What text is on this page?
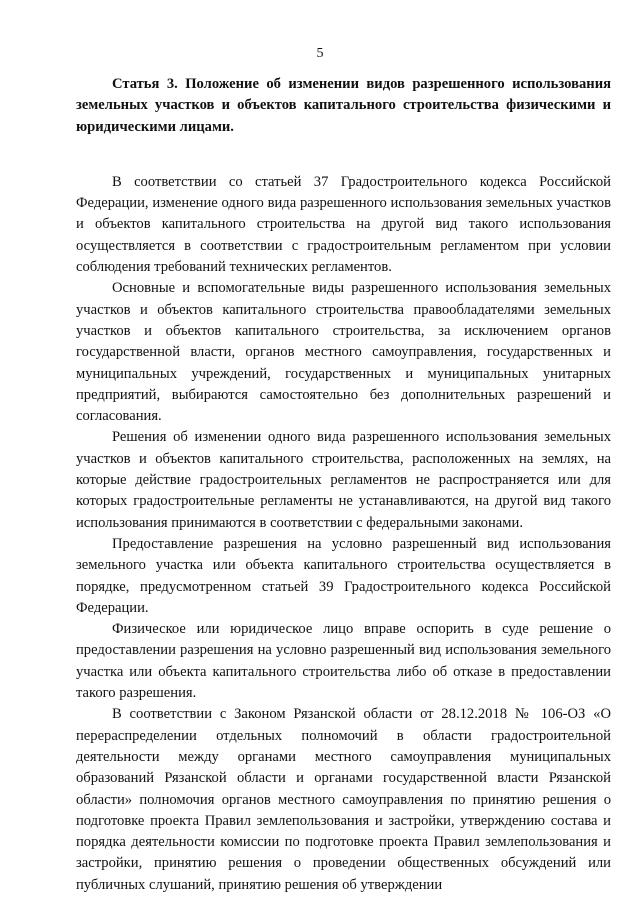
5

Статья 3. Положение об изменении видов разрешенного использования земельных участков и объектов капитального строительства физическими и юридическими лицами.

В соответствии со статьей 37 Градостроительного кодекса Российской Федерации, изменение одного вида разрешенного использования земельных участков и объектов капитального строительства на другой вид такого использования осуществляется в соответствии с градостроительным регламентом при условии соблюдения требований технических регламентов.

Основные и вспомогательные виды разрешенного использования земельных участков и объектов капитального строительства правообладателями земельных участков и объектов капитального строительства, за исключением органов государственной власти, органов местного самоуправления, государственных и муниципальных учреждений, государственных и муниципальных унитарных предприятий, выбираются самостоятельно без дополнительных разрешений и согласования.

Решения об изменении одного вида разрешенного использования земельных участков и объектов капитального строительства, расположенных на землях, на которые действие градостроительных регламентов не распространяется или для которых градостроительные регламенты не устанавливаются, на другой вид такого использования принимаются в соответствии с федеральными законами.

Предоставление разрешения на условно разрешенный вид использования земельного участка или объекта капитального строительства осуществляется в порядке, предусмотренном статьей 39 Градостроительного кодекса Российской Федерации.

Физическое или юридическое лицо вправе оспорить в суде решение о предоставлении разрешения на условно разрешенный вид использования земельного участка или объекта капитального строительства либо об отказе в предоставлении такого разрешения.

В соответствии с Законом Рязанской области от 28.12.2018 № 106-ОЗ «О перераспределении отдельных полномочий в области градостроительной деятельности между органами местного самоуправления муниципальных образований Рязанской области и органами государственной власти Рязанской области» полномочия органов местного самоуправления по принятию решения о подготовке проекта Правил землепользования и застройки, утверждению состава и порядка деятельности комиссии по подготовке проекта Правил землепользования и застройки, принятию решения о проведении общественных обсуждений или публичных слушаний, принятию решения об утверждении
